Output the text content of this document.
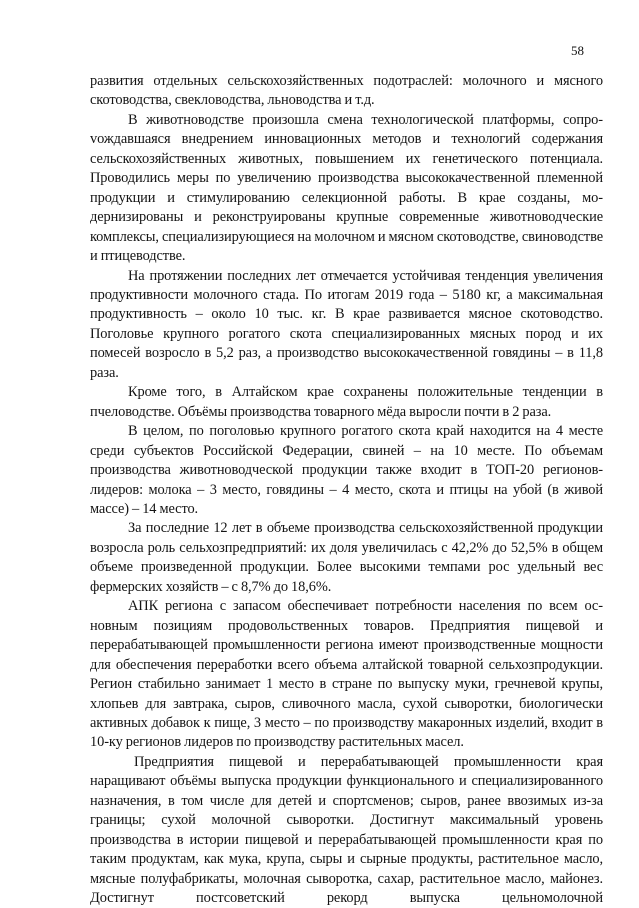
58

развития отдельных сельскохозяйственных подотраслей: молочного и мясного скотоводства, свекловодства, льноводства и т.д.

В животноводстве произошла смена технологической платформы, сопроvождавшаяся внедрением инновационных методов и технологий содержания сельскохозяйственных животных, повышением их генетического потенциала. Проводились меры по увеличению производства высококачественной племенной продукции и стимулированию селекционной работы. В крае созданы, модернизированы и реконструированы крупные современные животноводческие комплексы, специализирующиеся на молочном и мясном скотоводстве, свиноводстве и птицеводстве.

На протяжении последних лет отмечается устойчивая тенденция увеличения продуктивности молочного стада. По итогам 2019 года – 5180 кг, а максимальная продуктивность – около 10 тыс. кг. В крае развивается мясное скотоводство. Поголовье крупного рогатого скота специализированных мясных пород и их помесей возросло в 5,2 раз, а производство высококачественной говядины – в 11,8 раза.

Кроме того, в Алтайском крае сохранены положительные тенденции в пчеловодстве. Объёмы производства товарного мёда выросли почти в 2 раза.

В целом, по поголовью крупного рогатого скота край находится на 4 месте среди субъектов Российской Федерации, свиней – на 10 месте. По объемам производства животноводческой продукции также входит в ТОП-20 регионов-лидеров: молока – 3 место, говядины – 4 место, скота и птицы на убой (в живой массе) – 14 место.

За последние 12 лет в объеме производства сельскохозяйственной продукции возросла роль сельхозпредприятий: их доля увеличилась с 42,2% до 52,5% в общем объеме произведенной продукции. Более высокими темпами рос удельный вес фермерских хозяйств – с 8,7% до 18,6%.

АПК региона с запасом обеспечивает потребности населения по всем основным позициям продовольственных товаров. Предприятия пищевой и перерабатывающей промышленности региона имеют производственные мощности для обеспечения переработки всего объема алтайской товарной сельхозпродукции. Регион стабильно занимает 1 место в стране по выпуску муки, гречневой крупы, хлопьев для завтрака, сыров, сливочного масла, сухой сыворотки, биологически активных добавок к пище, 3 место – по производству макаронных изделий, входит в 10-ку регионов лидеров по производству растительных масел.

Предприятия пищевой и перерабатывающей промышленности края наращивают объёмы выпуска продукции функционального и специализированного назначения, в том числе для детей и спортсменов; сыров, ранее ввозимых из-за границы; сухой молочной сыворотки. Достигнут максимальный уровень производства в истории пищевой и перерабатывающей промышленности края по таким продуктам, как мука, крупа, сыры и сырные продукты, растительное масло, мясные полуфабрикаты, молочная сыворотка, сахар, растительное масло, майонез. Достигнут постсоветский рекорд выпуска цельномолочной
